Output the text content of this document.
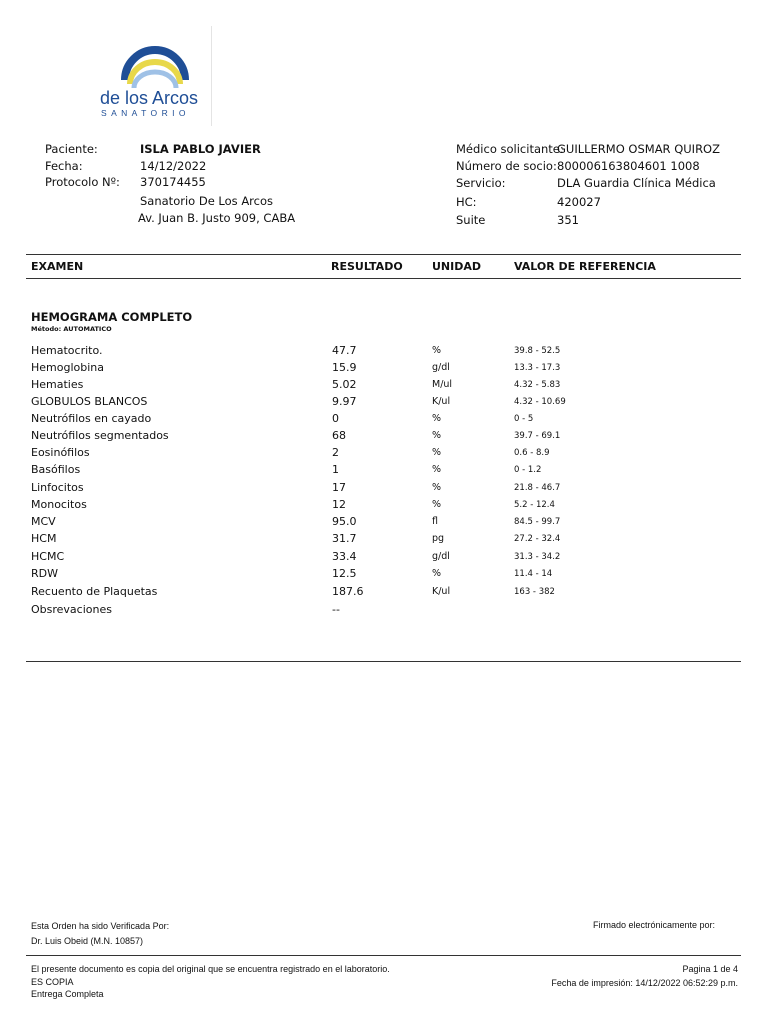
de los Arcos
SANATORIO
Paciente:	ISLA PABLO JAVIER
Fecha:	14/12/2022
Protocolo Nº: 370174455
Sanatorio De Los Arcos
Av. Juan B. Justo 909, CABA
Médico solicitante:
GUILLERMO OSMAR QUIROZ
Número de socio: 800006163804601 1008
Servicio:	DLA Guardia Clínica Médica
HC:	420027
Suite	351
EXAMEN	RESULTADO	UNIDAD	VALOR DE REFERENCIA
HEMOGRAMA COMPLETO
Método: AUTOMATICO
Hematocrito.	47.7	%	39.8 - 52.5
Hemoglobina	15.9	g/dl	13.3 - 17.3
Hematies	5.02	M/ul	4.32 - 5.83
GLOBULOS BLANCOS	9.97	K/ul	4.32 - 10.69
Neutrófilos en cayado	0	%	0 - 5
Neutrófilos segmentados	68	%	39.7 - 69.1
Eosinófilos	2	%	0.6 - 8.9
Basófilos	1	%	0 - 1.2
Linfocitos	17	%	21.8 - 46.7
Monocitos	12	%	5.2 - 12.4
MCV	95.0	fl	84.5 - 99.7
HCM	31.7	pg	27.2 - 32.4
HCMC	33.4	g/dl	31.3 - 34.2
RDW	12.5	%	11.4 - 14
Recuento de Plaquetas	187.6	K/ul	163 - 382
Obsrevaciones	--
Esta Orden ha sido Verificada Por:
Dr. Luis Obeid (M.N. 10857)
Firmado electrónicamente por:
El presente documento es copia del original que se encuentra registrado en el laboratorio.
ES COPIA
Entrega Completa
Pagina 1 de 4
Fecha de impresión: 14/12/2022 06:52:29 p.m.
